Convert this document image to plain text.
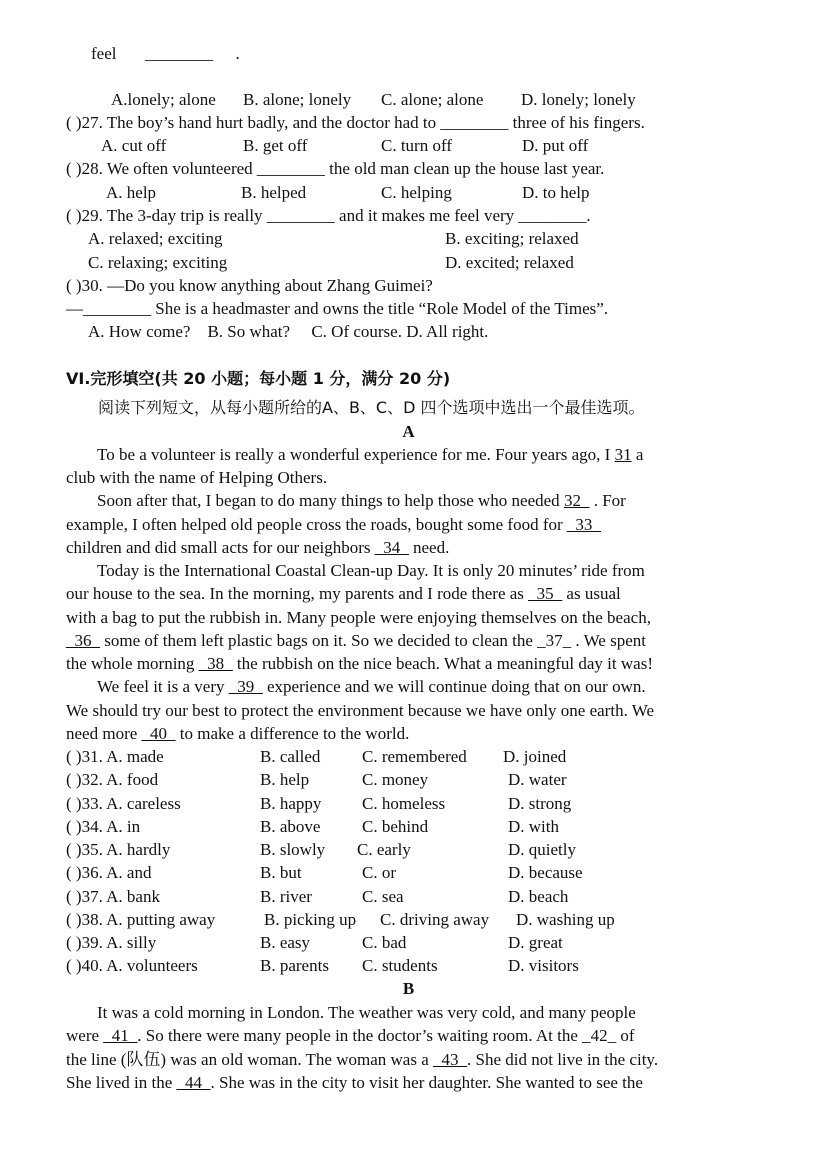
feel ________ .
A.lonely; alone B. alone; lonely C. alone; alone D. lonely; lonely
( )27. The boy’s hand hurt badly, and the doctor had to ________ three of his fingers.
A. cut off	B. get off	C. turn off	D. put off
( )28. We often volunteered ________ the old man clean up the house last year.
A. help	B. helped	C. helping	D. to help
( )29. The 3-day trip is really ________ and it makes me feel very ________.
A. relaxed; exciting	B. exciting; relaxed
C. relaxing; exciting	D. excited; relaxed
( )30. —Do you know anything about Zhang Guimei?
—________ She is a headmaster and owns the title “Role Model of the Times”.
A. How come?    B. So what?     C. Of course. D. All right.
VI.完形填空(共 20 小题；每小题 1 分，满分 20 分)
阅读下列短文，从每小题所给的A、B、C、D 四个选项中选出一个最佳选项。
A
To be a volunteer is really a wonderful experience for me. Four years ago, I 31 a
club with the name of Helping Others.
Soon after that, I began to do many things to help those who needed 32_ . For
example, I often helped old people cross the roads, bought some food for _33_
children and did small acts for our neighbors _34_ need.
Today is the International Coastal Clean-up Day. It is only 20 minutes’ ride from
our house to the sea. In the morning, my parents and I rode there as _35_ as usual
with a bag to put the rubbish in. Many people were enjoying themselves on the beach,
_36_ some of them left plastic bags on it. So we decided to clean the _37_ . We spent
the whole morning _38_ the rubbish on the nice beach. What a meaningful day it was!
We feel it is a very _39_ experience and we will continue doing that on our own.
We should try our best to protect the environment because we have only one earth. We
need more _40_ to make a difference to the world.
( )31. A. made	B. called C. remembered D. joined
( )32. A. food	B. help	C. money	D. water
( )33. A. careless	B. happy C. homeless	D. strong
( )34. A. in	B. above C. behind	D. with
( )35. A. hardly	B. slowly C. early	D. quietly
( )36. A. and	B. but	C. or	D. because
( )37. A. bank	B. river	C. sea	D. beach
( )38. A. putting away	B. picking up C. driving away D. washing up
( )39. A. silly	B. easy	C. bad	D. great
( )40. A. volunteers	B. parents C. students	D. visitors
B
It was a cold morning in London. The weather was very cold, and many people
were _41_. So there were many people in the doctor’s waiting room. At the _42_ of
the line (队伍) was an old woman. The woman was a _43_. She did not live in the city.
She lived in the _44_. She was in the city to visit her daughter. She wanted to see the
